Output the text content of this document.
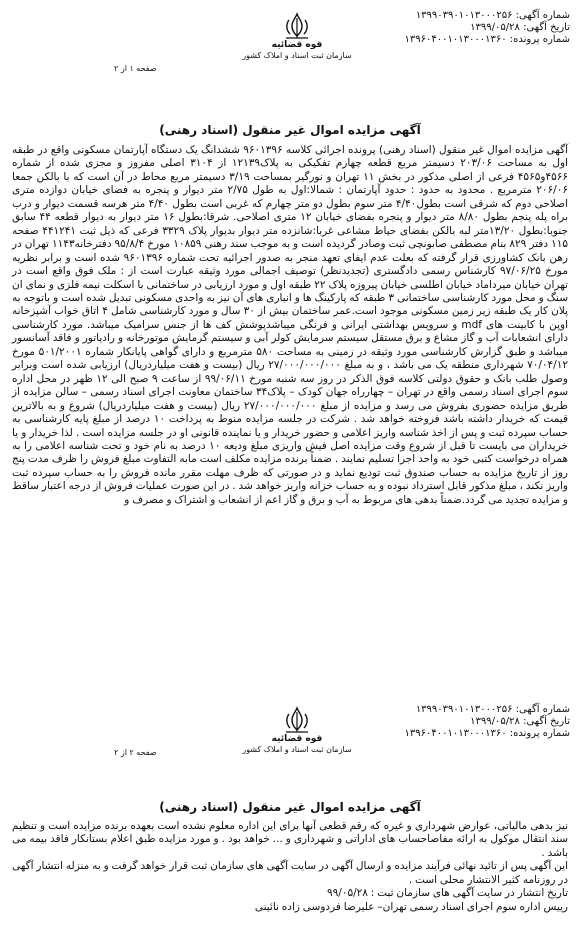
شماره آگهی: ۱۳۹۹۰۳۹۰۱۰۱۳۰۰۰۲۵۶
تاریخ آگهی: ۱۳۹۹/۰۵/۲۸
شماره پرونده: ۱۳۹۶۰۴۰۰۱۰۱۳۰۰۰۱۳۶۰
قوه قضائیه
سازمان ثبت اسناد و املاک کشور
صفحه ۱ از ۲
آگهی مزایده اموال غیر منقول (اسناد رهنی)

آگهی مزایده اموال غیر منقول (اسناد رهنی) پرونده اجرائی کلاسه ۹۶۰۱۳۹۶ ششدانگ یک دستگاه آپارتمان مسکونی واقع در طبقه اول به مساحت ۲۰۳/۰۶ دسیمتر مربع قطعه چهارم تفکیکی به پلاک۱۲۱۳۹ از ۳۱۰۴ اصلی مفروز و مجزی شده از شماره ۴۵۶۶و۴۵۶۵ فرعی از اصلی مذکور در بخش ۱۱ تهران و نورگیر بمساحت ۳/۱۹ دسیمتر مربع محاط در آن است که با بالکن جمعا ۲۰۶/۰۶ مترمربع . محدود به حدود : حدود آپارتمان : شمالا:اول به طول ۲/۷۵ متر دیوار و پنجره به فضای خیابان دوازده متری اصلاحی دوم که شرقی است بطول۴/۴۰ متر سوم بطول دو متر چهارم که غربی است بطول ۴/۴۰ متر هرسه قسمت دیوار و درب براه پله پنجم بطول ۸/۸۰ متر دیوار و پنجره بفضای خیابان ۱۲ متری اصلاحی. شرقا:بطول ۱۶ متر دیوار به دیوار قطعه ۴۴ سابق جنوبا:بطول ۱۳/۲۰متر لبه بالکن بفضای حیاط مشاعی غربا:شانزده متر دیوار بدیوار پلاک ۳۳۲۹ فرعی که ذیل ثبت ۴۴۱۲۴۱ صفحه ۱۱۵ دفتر ۸۲۹ بنام مصطفی صابونچی ثبت وصادر گردیده است و به موجب سند رهنی ۱۰۸۵۹ مورخ ۹۵/۸/۴ دفترخانه۱۱۴۳ تهران در رهن بانک کشاورزی قرار گرفته که بعلت عدم ایفای تعهد منجر به صدور اجرائیه تحت شماره ۹۶۰۱۳۹۶ شده است و برابر نظریه مورخ ۹۷/۰۶/۲۵ کارشناس رسمی دادگستری (تجدیدنظر) توصیف اجمالی مورد وثیقه عبارت است از : ملک فوق واقع است در تهران خیابان میرداماد خیابان اطلسی خیابان پیروزه پلاک ۲۲ طبقه اول و مورد ارزیابی در ساختمانی با اسکلت نیمه فلزی و نمای ان سنگ و محل مورد کارشناسی ساختمانی ۳ طبقه که پارکینگ ها و انباری های آن نیز به واحدی مسکونی تبدیل شده است و باتوجه به پلان کار یک طبقه زیر زمین مسکونی موجود است.عمر ساختمان بیش از ۳۰ سال و مورد کارشناسی شامل ۴ اتاق خواب آشپزخانه اوپن با کابینت های mdf و سرویس بهداشتی ایرانی و فرنگی میباشدپوشش کف ها از جنس سرامیک میباشد. مورد کارشناسی دارای انشعابات آب و گاز مشاع و برق مستقل سیستم سرمایش کولر آبی و سیستم گرمایش موتورخانه و رادیاتور و فاقد آسانسور میباشد و طبق گزارش کارشناسی مورد وثیقه در زمینی به مساحت ۵۸۰ مترمربع و دارای گواهی پایانکار شماره ۵۰۱/۲۰۰۱ مورخ ۷۰/۰۴/۱۲ شهرداری منطقه یک می باشد ، و به مبلغ ۲۷/۰۰۰/۰۰۰/۰۰۰ ریال (بیست و هفت میلیاردریال) ارزیابی شده است وبرابر وصول طلب بانک و حقوق دولتی کلاسه فوق الذکر در روز سه شنبه مورخ ۹۹/۰۶/۱۱ از ساعت ۹ صبح الی ۱۲ ظهر در محل اداره سوم اجرای اسناد رسمی واقع در تهران – چهارراه جهان کودک – پلاک۳۴ ساختمان معاونت اجرای اسناد رسمی – سالن مزایده از طریق مزایده حضوری بفروش می رسد و مزایده از مبلغ ۲۷/۰۰۰/۰۰۰/۰۰۰ ریال (بیست و هفت میلیاردریال) شروع و به بالاترین قیمت که خریدار داشته باشد فروخته خواهد شد . شرکت در جلسه مزایده منوط به پرداخت ۱۰ درصد از مبلغ پایه کارشناسی به حساب سپرده ثبت و پس از اخذ شناسه واریز اعلامی و حضور خریدار و یا نماینده قانونی او در جلسه مزایده است . لذا خریدار و یا خریداران می بایست تا قبل از شروع وقت مزایده اصل فیش واریزی مبلغ ودیعه ۱۰ درصد به نام خود و تحت شناسه اعلامی را به همراه درخواست کتبی خود به واحد اجرا تسلیم نمایند . ضمناً برنده مزایده مکلف است مابه التفاوت مبلغ فروش را ظرف مدت پنج روز از تاریخ مزایده به حساب صندوق ثبت تودیع نماید و در صورتی که ظرف مهلت مقرر مانده فروش را به حساب سپرده ثبت واریز نکند ، مبلغ مذکور قابل استرداد نبوده و به حساب خزانه واریز خواهد شد . در این صورت عملیات فروش از درجه اعتبار ساقط و مزایده تجدید می گردد.ضمناً بدهی های مربوط به آب و برق و گاز اعم از انشعاب و اشتراک و مصرف و

شماره آگهی: ۱۳۹۹۰۳۹۰۱۰۱۳۰۰۰۲۵۶
تاریخ آگهی: ۱۳۹۹/۰۵/۲۸
شماره پرونده: ۱۳۹۶۰۴۰۰۱۰۱۳۰۰۰۱۳۶۰
قوه قضائیه
سازمان ثبت اسناد و املاک کشور
صفحه ۲ از ۲
آگهی مزایده اموال غیر منقول (اسناد رهنی)

نیز بدهی مالیاتی، عوارض شهرداری و غیره که رقم قطعی آنها برای این اداره معلوم نشده است بعهده برنده مزایده است و تنظیم سند انتقال موکول به ارائه مفاصاحساب های اداراتی و شهرداری و ... خواهد بود . و مورد مزایده طبق اعلام بستانکار فاقد بیمه می باشد .

این آگهی پس از تائید نهائی فرآیند مزایده و ارسال آگهی در سایت آگهی های سازمان ثبت قرار خواهد گرفت و به منزله انتشار آگهی در روزنامه کثیر الانتشار محلی است .

تاریخ انتشار در سایت آگهی های سازمان ثبت : ۹۹/۰۵/۲۸

رییس اداره سوم اجرای اسناد رسمی تهران– علیرضا فردوسی زاده نائینی
